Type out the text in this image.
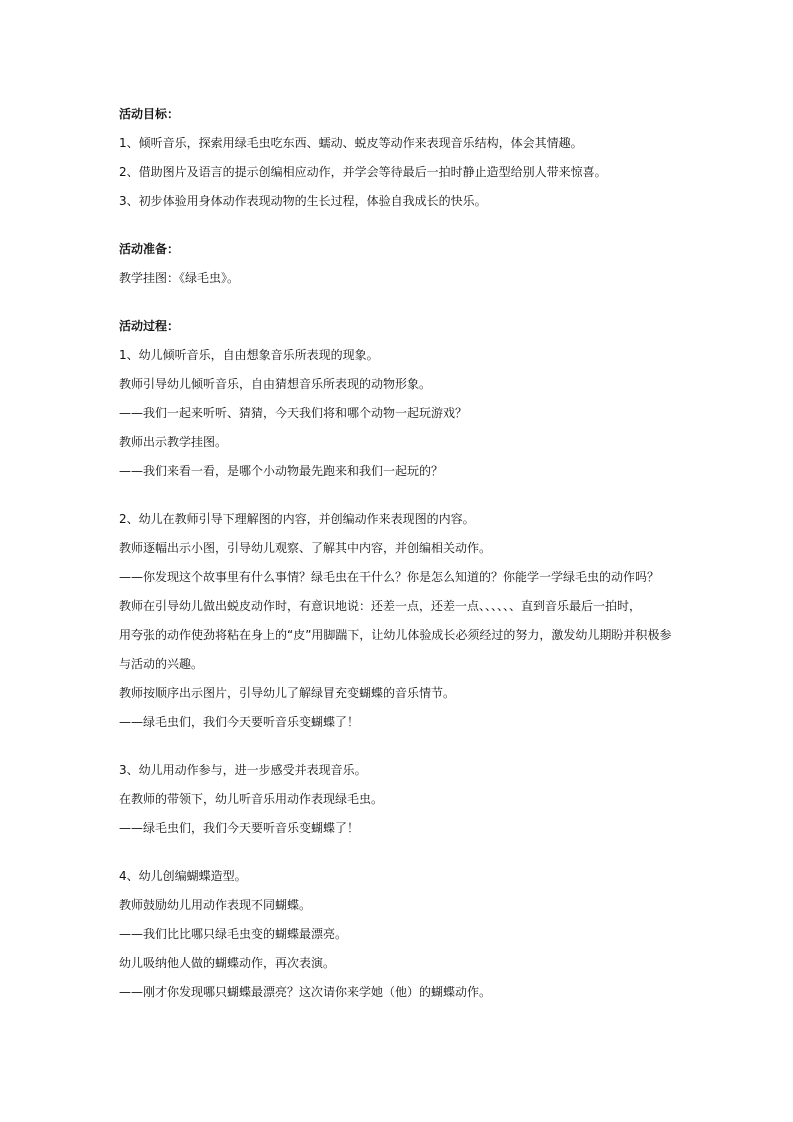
活动目标：
1、倾听音乐，探索用绿毛虫吃东西、蠕动、蜕皮等动作来表现音乐结构，体会其情趣。
2、借助图片及语言的提示创编相应动作，并学会等待最后一拍时静止造型给别人带来惊喜。
3、初步体验用身体动作表现动物的生长过程，体验自我成长的快乐。
活动准备：
教学挂图：《绿毛虫》。
活动过程：
1、幼儿倾听音乐，自由想象音乐所表现的现象。
教师引导幼儿倾听音乐，自由猜想音乐所表现的动物形象。
——我们一起来听听、猜猜，今天我们将和哪个动物一起玩游戏？
教师出示教学挂图。
——我们来看一看，是哪个小动物最先跑来和我们一起玩的？
2、幼儿在教师引导下理解图的内容，并创编动作来表现图的内容。
教师逐幅出示小图，引导幼儿观察、了解其中内容，并创编相关动作。
——你发现这个故事里有什么事情？绿毛虫在干什么？你是怎么知道的？你能学一学绿毛虫的动作吗？
教师在引导幼儿做出蜕皮动作时，有意识地说：还差一点，还差一点、、、、、、直到音乐最后一拍时，
用夸张的动作使劲将粘在身上的“皮”用脚踹下，让幼儿体验成长必须经过的努力，激发幼儿期盼并积极参
与活动的兴趣。
教师按顺序出示图片，引导幼儿了解绿冒充变蝴蝶的音乐情节。
——绿毛虫们，我们今天要听音乐变蝴蝶了！
3、幼儿用动作参与，进一步感受并表现音乐。
在教师的带领下，幼儿听音乐用动作表现绿毛虫。
——绿毛虫们，我们今天要听音乐变蝴蝶了！
4、幼儿创编蝴蝶造型。
教师鼓励幼儿用动作表现不同蝴蝶。
——我们比比哪只绿毛虫变的蝴蝶最漂亮。
幼儿吸纳他人做的蝴蝶动作，再次表演。
——刚才你发现哪只蝴蝶最漂亮？这次请你来学她（他）的蝴蝶动作。
